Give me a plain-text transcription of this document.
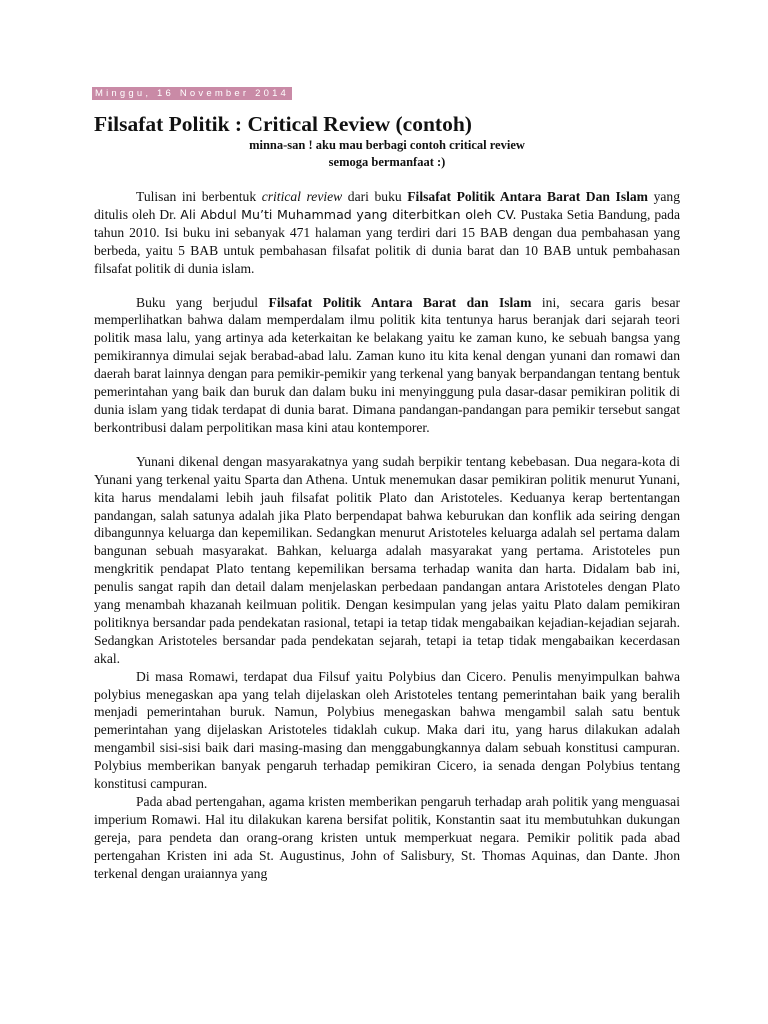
Minggu, 16 November 2014
Filsafat Politik : Critical Review (contoh)
minna-san ! aku mau berbagi contoh critical review
semoga bermanfaat :)

Tulisan ini berbentuk critical review dari buku Filsafat Politik Antara Barat Dan Islam yang ditulis oleh Dr. Ali Abdul Mu’ti Muhammad yang diterbitkan oleh CV. Pustaka Setia Bandung, pada tahun 2010. Isi buku ini sebanyak 471 halaman yang terdiri dari 15 BAB dengan dua pembahasan yang berbeda, yaitu 5 BAB untuk pembahasan filsafat politik di dunia barat dan 10 BAB untuk pembahasan filsafat politik di dunia islam.

Buku yang berjudul Filsafat Politik Antara Barat dan Islam ini, secara garis besar memperlihatkan bahwa dalam memperdalam ilmu politik kita tentunya harus beranjak dari sejarah teori politik masa lalu, yang artinya ada keterkaitan ke belakang yaitu ke zaman kuno, ke sebuah bangsa yang pemikirannya dimulai sejak berabad-abad lalu. Zaman kuno itu kita kenal dengan yunani dan romawi dan daerah barat lainnya dengan para pemikir-pemikir yang terkenal yang banyak berpandangan tentang bentuk pemerintahan yang baik dan buruk dan dalam buku ini menyinggung pula dasar-dasar pemikiran politik di dunia islam yang tidak terdapat di dunia barat. Dimana pandangan-pandangan para pemikir tersebut sangat berkontribusi dalam perpolitikan masa kini atau kontemporer.

Yunani dikenal dengan masyarakatnya yang sudah berpikir tentang kebebasan. Dua negara-kota di Yunani yang terkenal yaitu Sparta dan Athena. Untuk menemukan dasar pemikiran politik menurut Yunani, kita harus mendalami lebih jauh filsafat politik Plato dan Aristoteles. Keduanya kerap bertentangan pandangan, salah satunya adalah jika Plato berpendapat bahwa keburukan dan konflik ada seiring dengan dibangunnya keluarga dan kepemilikan. Sedangkan menurut Aristoteles keluarga adalah sel pertama dalam bangunan sebuah masyarakat. Bahkan, keluarga adalah masyarakat yang pertama. Aristoteles pun mengkritik pendapat Plato tentang kepemilikan bersama terhadap wanita dan harta. Didalam bab ini, penulis sangat rapih dan detail dalam menjelaskan perbedaan pandangan antara Aristoteles dengan Plato yang menambah khazanah keilmuan politik. Dengan kesimpulan yang jelas yaitu Plato dalam pemikiran politiknya bersandar pada pendekatan rasional, tetapi ia tetap tidak mengabaikan kejadian-kejadian sejarah. Sedangkan Aristoteles bersandar pada pendekatan sejarah, tetapi ia tetap tidak mengabaikan kecerdasan akal.

Di masa Romawi, terdapat dua Filsuf yaitu Polybius dan Cicero. Penulis menyimpulkan bahwa polybius menegaskan apa yang telah dijelaskan oleh Aristoteles tentang pemerintahan baik yang beralih menjadi pemerintahan buruk. Namun, Polybius menegaskan bahwa mengambil salah satu bentuk pemerintahan yang dijelaskan Aristoteles tidaklah cukup. Maka dari itu, yang harus dilakukan adalah mengambil sisi-sisi baik dari masing-masing dan menggabungkannya dalam sebuah konstitusi campuran. Polybius memberikan banyak pengaruh terhadap pemikiran Cicero, ia senada dengan Polybius tentang konstitusi campuran.

Pada abad pertengahan, agama kristen memberikan pengaruh terhadap arah politik yang menguasai imperium Romawi. Hal itu dilakukan karena bersifat politik, Konstantin saat itu membutuhkan dukungan gereja, para pendeta dan orang-orang kristen untuk memperkuat negara. Pemikir politik pada abad pertengahan Kristen ini ada St. Augustinus, John of Salisbury, St. Thomas Aquinas, dan Dante. Jhon terkenal dengan uraiannya yang
